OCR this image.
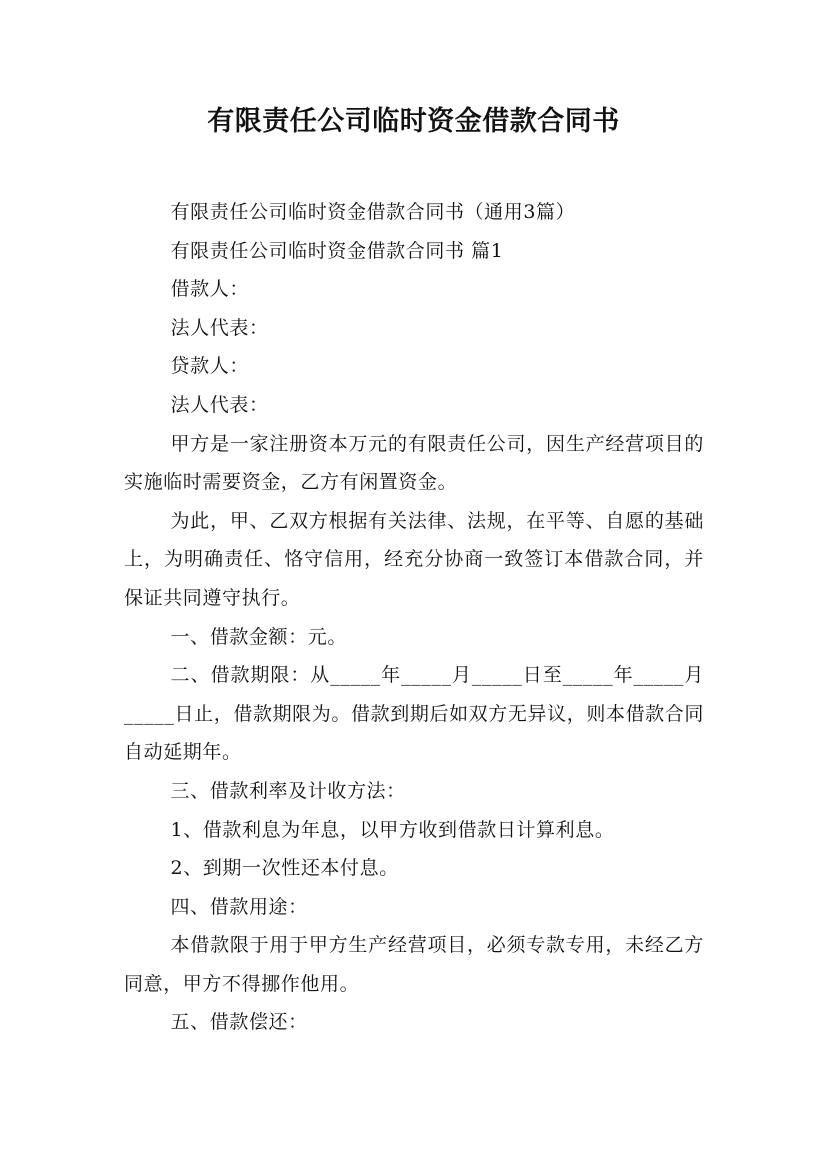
有限责任公司临时资金借款合同书

有限责任公司临时资金借款合同书（通用3篇）

有限责任公司临时资金借款合同书 篇1

借款人：

法人代表：

贷款人：

法人代表：

甲方是一家注册资本万元的有限责任公司，因生产经营项目的实施临时需要资金，乙方有闲置资金。

为此，甲、乙双方根据有关法律、法规，在平等、自愿的基础上，为明确责任、恪守信用，经充分协商一致签订本借款合同，并保证共同遵守执行。

一、借款金额：元。

二、借款期限：从_____年_____月_____日至_____年_____月_____日止，借款期限为。借款到期后如双方无异议，则本借款合同自动延期年。

三、借款利率及计收方法：

1、借款利息为年息，以甲方收到借款日计算利息。

2、到期一次性还本付息。

四、借款用途：

本借款限于用于甲方生产经营项目，必须专款专用，未经乙方同意，甲方不得挪作他用。

五、借款偿还：
